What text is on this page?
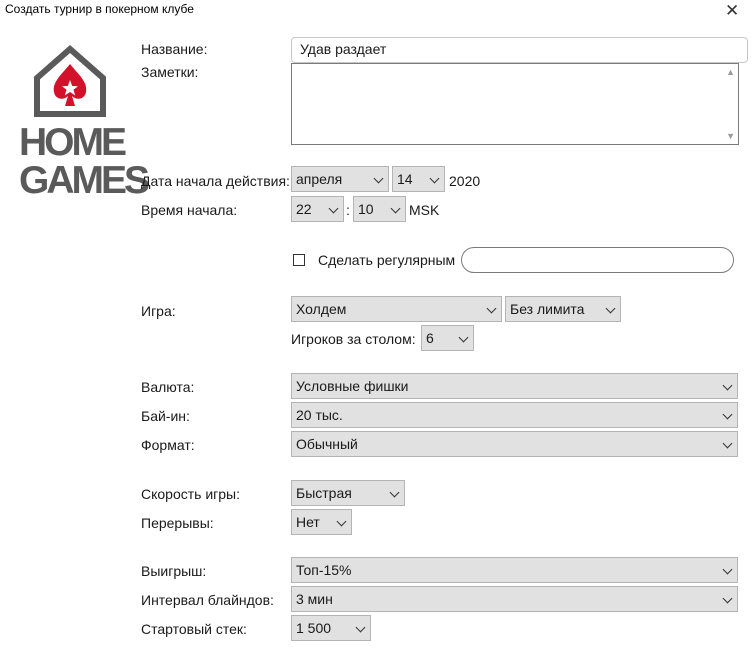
Создать турнир в покерном клубе	✕
HOME
GAMES
Название:	Удав раздает
Заметки:	▲
▼
Дата начала действия: апреля	14	2020
Время начала:	22	: 10	MSK
Сделать регулярным
Игра:	Холдем	Без лимита
Игроков за столом: 6
Валюта:	Условные фишки
Бай-ин:	20 тыс.
Формат:	Обычный
Скорость игры:	Быстрая
Перерывы:	Нет
Выигрыш:	Топ-15%
Интервал блайндов:	3 мин
Стартовый стек:	1 500
